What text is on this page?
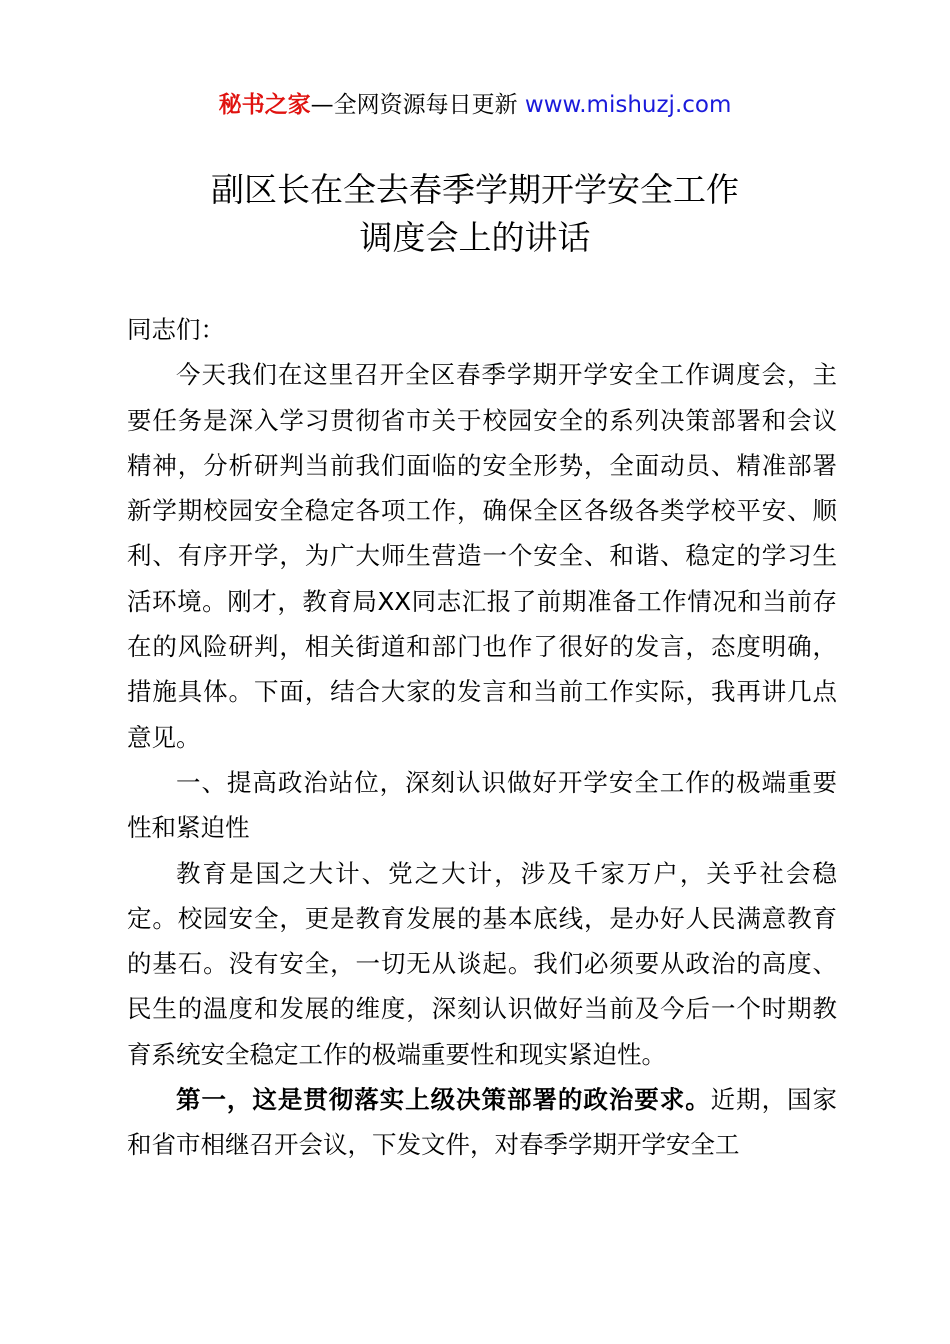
秘书之家—全网资源每日更新 www.mishuzj.com
副区长在全去春季学期开学安全工作
调度会上的讲话

同志们：

今天我们在这里召开全区春季学期开学安全工作调度会，主要任务是深入学习贯彻省市关于校园安全的系列决策部署和会议精神，分析研判当前我们面临的安全形势，全面动员、精准部署新学期校园安全稳定各项工作，确保全区各级各类学校平安、顺利、有序开学，为广大师生营造一个安全、和谐、稳定的学习生活环境。刚才，教育局XX同志汇报了前期准备工作情况和当前存在的风险研判，相关街道和部门也作了很好的发言，态度明确，措施具体。下面，结合大家的发言和当前工作实际，我再讲几点意见。

一、提高政治站位，深刻认识做好开学安全工作的极端重要性和紧迫性

教育是国之大计、党之大计，涉及千家万户，关乎社会稳定。校园安全，更是教育发展的基本底线，是办好人民满意教育的基石。没有安全，一切无从谈起。我们必须要从政治的高度、民生的温度和发展的维度，深刻认识做好当前及今后一个时期教育系统安全稳定工作的极端重要性和现实紧迫性。

第一，这是贯彻落实上级决策部署的政治要求。近期，国家和省市相继召开会议，下发文件，对春季学期开学安全工
